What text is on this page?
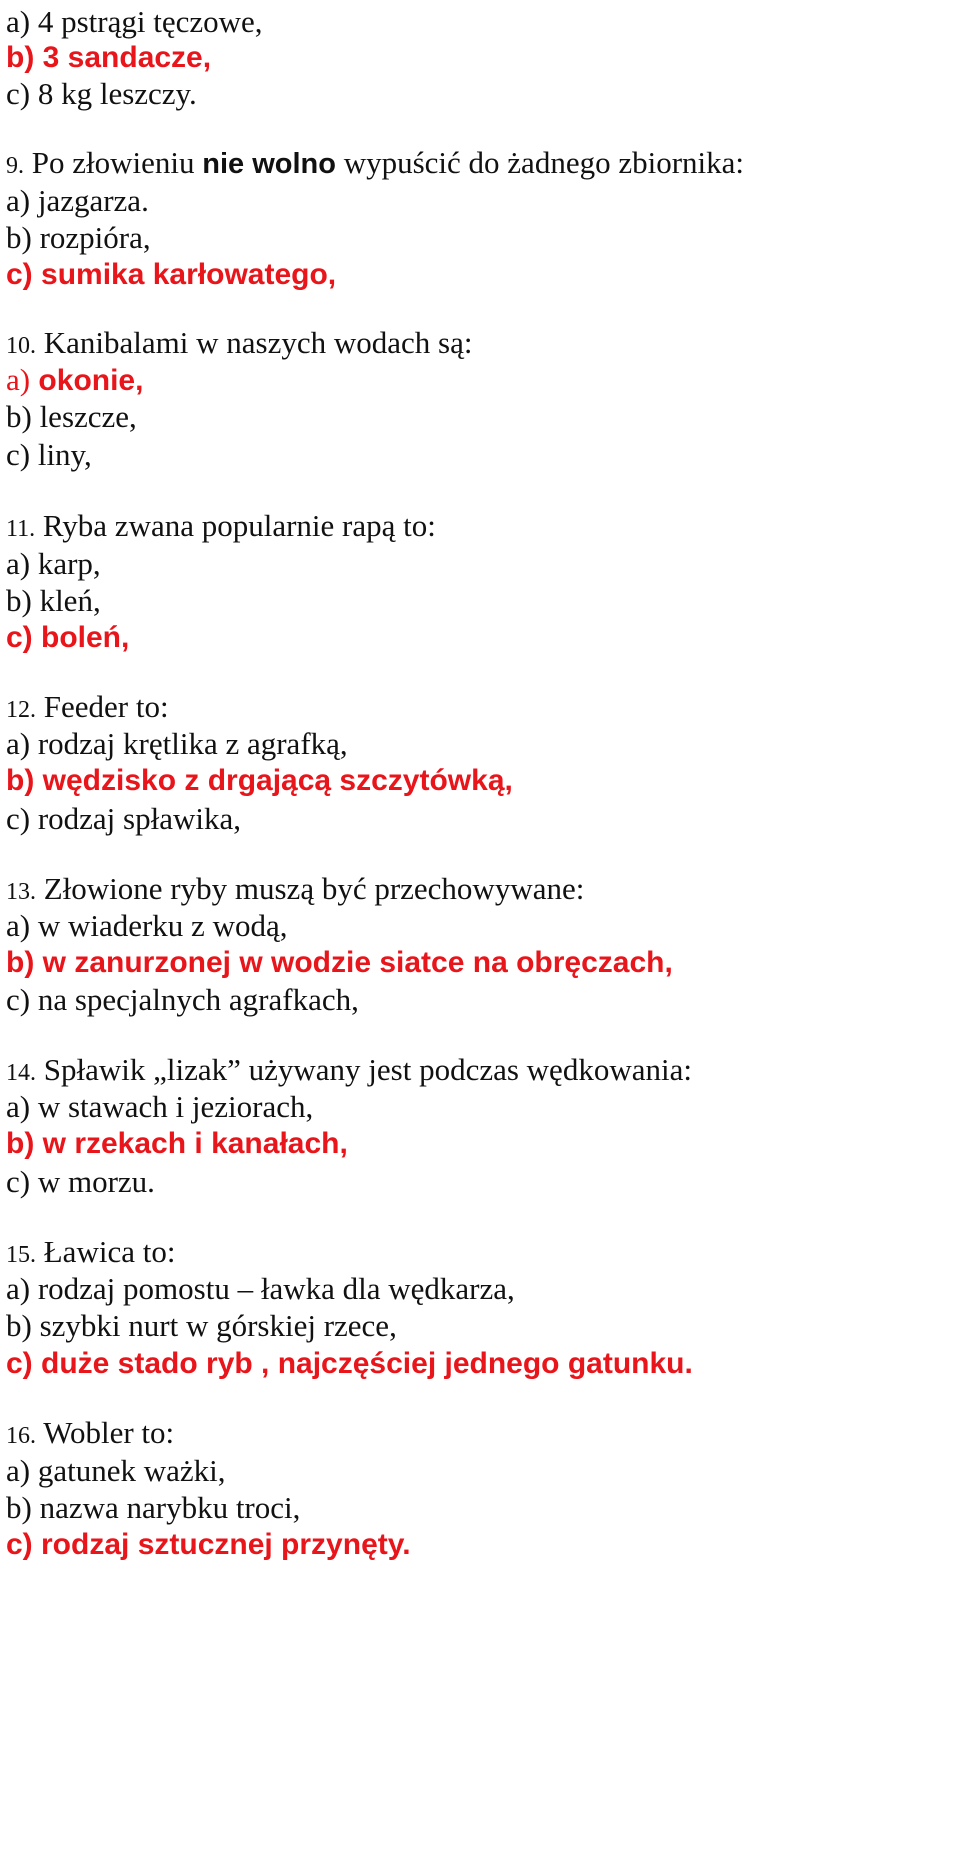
a) 4 pstrągi tęczowe,
b) 3 sandacze,
c) 8 kg leszczy.
9. Po złowieniu nie wolno wypuścić do żadnego zbiornika:
a) jazgarza.
b) rozpióra,
c) sumika karłowatego,
10. Kanibalami w naszych wodach są:
a) okonie,
b) leszcze,
c) liny,
11. Ryba zwana popularnie rapą to:
a) karp,
b) kleń,
c) boleń,
12. Feeder to:
a) rodzaj krętlika z agrafką,
b) wędzisko z drgającą szczytówką,
c) rodzaj spławika,
13. Złowione ryby muszą być przechowywane:
a) w wiaderku z wodą,
b) w zanurzonej w wodzie siatce na obręczach,
c) na specjalnych agrafkach,
14. Spławik „lizak” używany jest podczas wędkowania:
a) w stawach i jeziorach,
b) w rzekach i kanałach,
c) w morzu.
15. Ławica to:
a) rodzaj pomostu – ławka dla wędkarza,
b) szybki nurt w górskiej rzece,
c) duże stado ryb , najczęściej jednego gatunku.
16. Wobler to:
a) gatunek ważki,
b) nazwa narybku troci,
c) rodzaj sztucznej przynęty.
